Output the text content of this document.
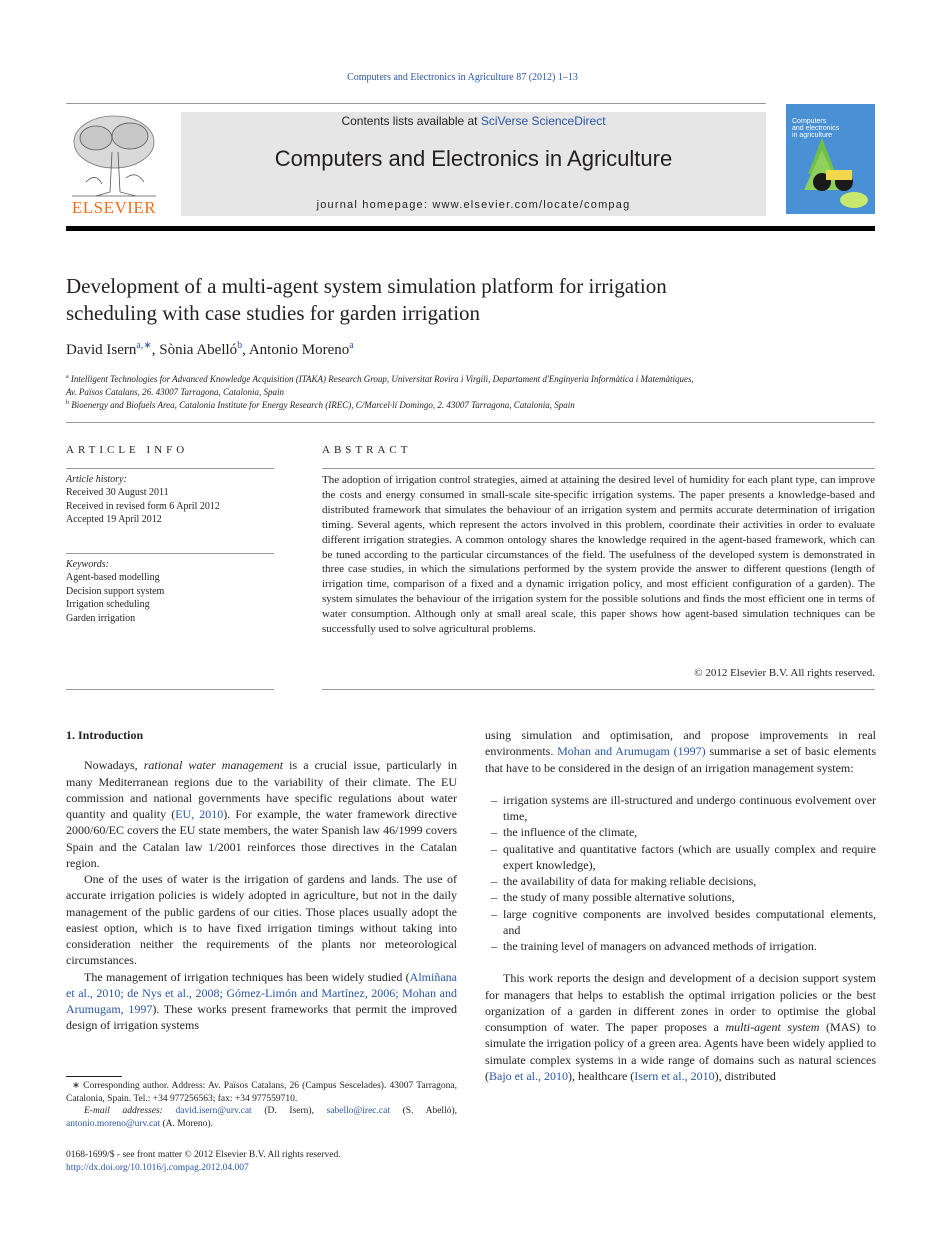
Computers and Electronics in Agriculture 87 (2012) 1–13
ELSEVIER
Contents lists available at SciVerse ScienceDirect
Computers and Electronics in Agriculture
journal homepage: www.elsevier.com/locate/compag
Computers
and electronics
in agriculture
Development of a multi-agent system simulation platform for irrigation
scheduling with case studies for garden irrigation
David Isern$^{a,∗}$, Sònia Abelló$^b$, Antonio Moreno$^a$
$^a$ Intelligent Technologies for Advanced Knowledge Acquisition (ITAKA) Research Group, Universitat Rovira i Virgili, Departament d'Enginyeria Informàtica i Matemàtiques,
Av. Països Catalans, 26. 43007 Tarragona, Catalonia, Spain
$^b$ Bioenergy and Biofuels Area, Catalonia Institute for Energy Research (IREC), C/Marcel·lí Domingo, 2. 43007 Tarragona, Catalonia, Spain
ARTICLE INFO
Article history:
Received 30 August 2011
Received in revised form 6 April 2012
Accepted 19 April 2012
Keywords:
Agent-based modelling
Decision support system
Irrigation scheduling
Garden irrigation
ABSTRACT
The adoption of irrigation control strategies, aimed at attaining the desired level of humidity for each plant type, can improve the costs and energy consumed in small-scale site-specific irrigation systems. The paper presents a knowledge-based and distributed framework that simulates the behaviour of an irrigation system and permits accurate determination of irrigation timing. Several agents, which represent the actors involved in this problem, coordinate their activities in order to evaluate different irrigation strategies. A common ontology shares the knowledge required in the agent-based framework, which can be tuned according to the particular circumstances of the field. The usefulness of the developed system is demonstrated in three case studies, in which the simulations performed by the system provide the answer to different questions (length of irrigation time, comparison of a fixed and a dynamic irrigation policy, and most efficient configuration of a garden). The system simulates the behaviour of the irrigation system for the possible solutions and finds the most efficient one in terms of water consumption. Although only at small areal scale, this paper shows how agent-based simulation techniques can be successfully used to solve agricultural problems.
© 2012 Elsevier B.V. All rights reserved.
1. Introduction

Nowadays, rational water management is a crucial issue, particularly in many Mediterranean regions due to the variability of their climate. The EU commission and national governments have specific regulations about water quantity and quality (EU, 2010). For example, the water framework directive 2000/60/EC covers the EU state members, the water Spanish law 46/1999 covers Spain and the Catalan law 1/2001 reinforces those directives in the Catalan region.

One of the uses of water is the irrigation of gardens and lands. The use of accurate irrigation policies is widely adopted in agriculture, but not in the daily management of the public gardens of our cities. Those places usually adopt the easiest option, which is to have fixed irrigation timings without taking into consideration neither the requirements of the plants nor meteorological circumstances.

The management of irrigation techniques has been widely studied (Almiñana et al., 2010; de Nys et al., 2008; Gómez-Limón and Martínez, 2006; Mohan and Arumugam, 1997). These works present frameworks that permit the improved design of irrigation systems

∗ Corresponding author. Address: Av. Països Catalans, 26 (Campus Sescelades). 43007 Tarragona, Catalonia, Spain. Tel.: +34 977256563; fax: +34 977559710.
E-mail addresses: david.isern@urv.cat (D. Isern), sabello@irec.cat (S. Abelló), antonio.moreno@urv.cat (A. Moreno).
0168-1699/$ - see front matter © 2012 Elsevier B.V. All rights reserved.
http://dx.doi.org/10.1016/j.compag.2012.04.007

using simulation and optimisation, and propose improvements in real environments. Mohan and Arumugam (1997) summarise a set of basic elements that have to be considered in the design of an irrigation management system:

– irrigation systems are ill-structured and undergo continuous evolvement over time,
– the influence of the climate,
– qualitative and quantitative factors (which are usually complex and require expert knowledge),
– the availability of data for making reliable decisions,
– the study of many possible alternative solutions,
– large cognitive components are involved besides computational elements, and
– the training level of managers on advanced methods of irrigation.

This work reports the design and development of a decision support system for managers that helps to establish the optimal irrigation policies or the best organization of a garden in different zones in order to optimise the global consumption of water. The paper proposes a multi-agent system (MAS) to simulate the irrigation policy of a green area. Agents have been widely applied to simulate complex systems in a wide range of domains such as natural sciences (Bajo et al., 2010), healthcare (Isern et al., 2010), distributed
